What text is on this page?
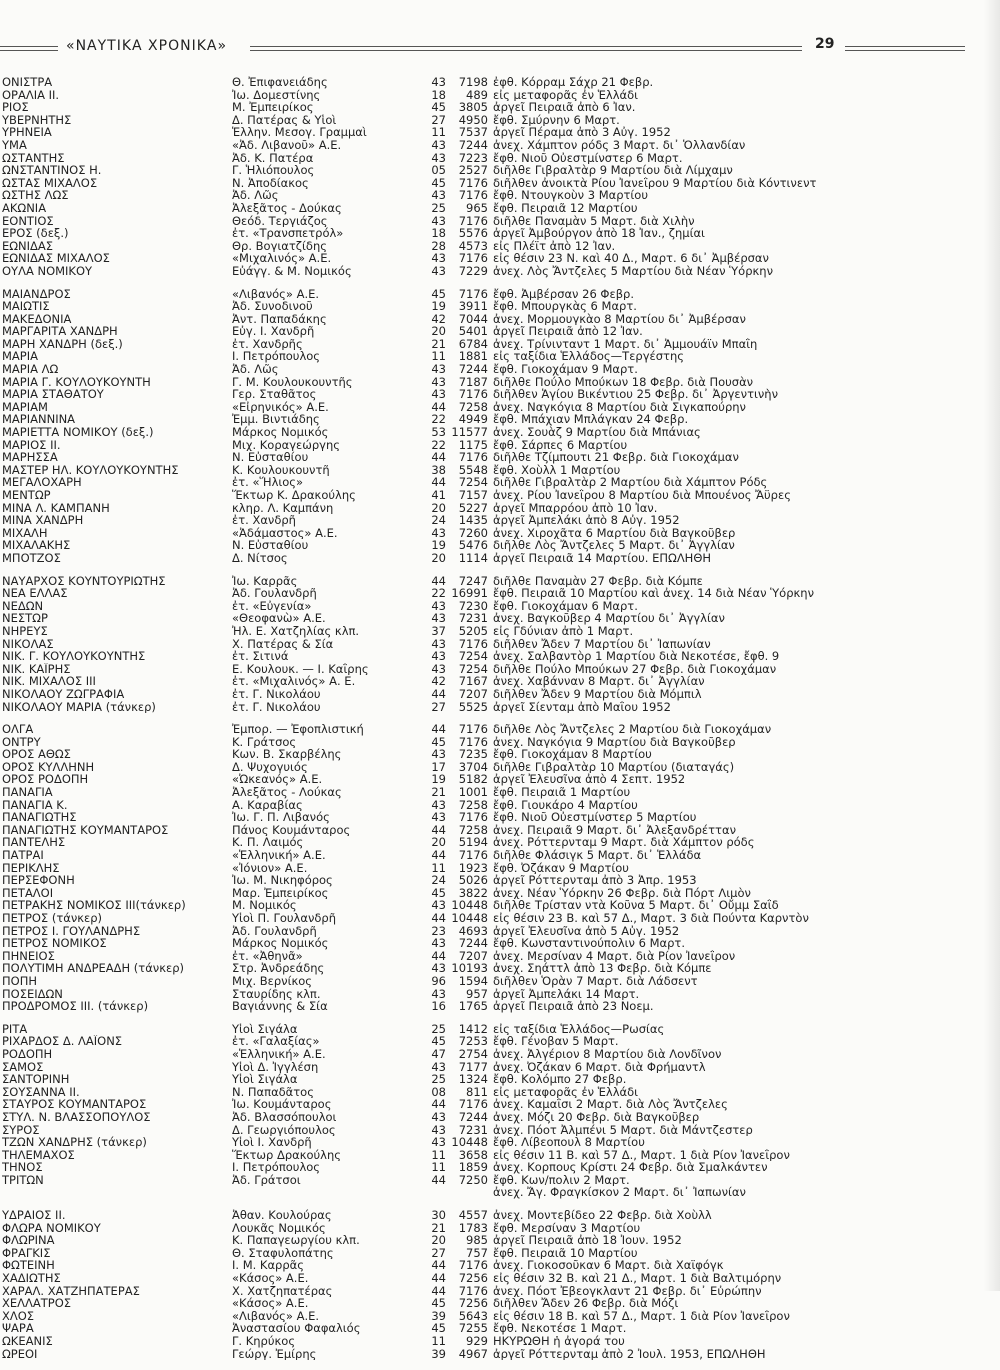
«ΝΑΥΤΙΚΑ ΧΡΟΝΙΚΑ»	29
ΟΝΙΣΤΡΑ	Θ. Ἐπιφανειάδης	43	7198 ἐφθ. Κόρραμ Σάχρ 21 Φεβρ.
ΟΡΑΛΙΑ ΙΙ.	Ἰω. Δομεστίνης	18	489 εἰς μεταφορᾶς ἐν Ἑλλάδι
ΡΙΟΣ	Μ. Ἐμπειρίκος	45	3805 ἀργεῖ Πειραιᾶ ἀπὸ 6 Ἰαν.
ΥΒΕΡΝΗΤΗΣ	Δ. Πατέρας & Υἱοὶ	27	4950 ἔφθ. Σμύρνην 6 Μαρτ.
ΥΡΗΝΕΙΑ	Ἑλλην. Μεσογ. Γραμμαὶ	11	7537 ἀργεῖ Πέραμα ἀπὸ 3 Αὐγ. 1952
ΥΜΑ	«Ἀδ. Λιβανοῦ» Α.Ε.	43	7244 ἀνεχ. Χάμπτον ρόδς 3 Μαρτ. δι᾽ Ὁλλανδίαν
ΩΣΤΑΝΤΗΣ	Ἀδ. Κ. Πατέρα	43	7223 ἔφθ. Νιοῦ Οὐεστμίνστερ 6 Μαρτ.
ΩΝΣΤΑΝΤΙΝΟΣ Η.	Γ. Ἡλιόπουλος	05	2527 διῆλθε Γιβραλτὰρ 9 Μαρτίου διὰ Λίμχαμν
ΩΣΤΑΣ ΜΙΧΑΛΟΣ	Ν. Ἀποδίακος	45	7176 διῆλθεν ἀνοικτὰ Ρίου Ἰανεΐρου 9 Μαρτίου διὰ Κόντινεντ
ΩΣΤΗΣ ΛΩΣ	Ἀδ. Λῶς	43	7176 ἔφθ. Ντουγκοὺν 3 Μαρτίου
ΑΚΩΝΙΑ	Ἀλεξᾶτος - Δούκας	25	965 ἔφθ. Πειραιᾶ 12 Μαρτίου
ΕΟΝΤΙΟΣ	Θεόδ. Τεργιάζος	43	7176 διῆλθε Παναμὰν 5 Μαρτ. διὰ Χιλὴν
ΕΡΟΣ (δεξ.)	ἐτ. «Τρανσπετρόλ»	18	5576 ἀργεῖ Ἀμβούργον ἀπὸ 18 Ἰαν., ζημίαι
ΕΩΝΙΔΑΣ	Θρ. Βογιατζίδης	28	4573 εἰς Πλέϊτ ἀπὸ 12 Ἰαν.
ΕΩΝΙΔΑΣ ΜΙΧΑΛΟΣ	«Μιχαλινός» Α.Ε.	43	7176 εἰς θέσιν 23 Ν. καὶ 40 Δ., Μαρτ. 6 δι᾽ Ἀμβέρσαν
ΟΥΛΑ ΝΟΜΙΚΟΥ	Εὐάγγ. & Μ. Νομικός	43	7229 ἀνεχ. Λὸς Ἄντζελες 5 Μαρτίου διὰ Νέαν Ὑόρκην
ΜΑΙΑΝΔΡΟΣ	«Λιβανός» Α.Ε.	45	7176 ἔφθ. Ἀμβέρσαν 26 Φεβρ.
ΜΑΙΩΤΙΣ	Ἀδ. Συνοδινοῦ	19	3911 ἔφθ. Μπουργκὰς 6 Μαρτ.
ΜΑΚΕΔΟΝΙΑ	Ἀντ. Παπαδάκης	42	7044 ἀνεχ. Μορμουγκὰο 8 Μαρτίου δι᾽ Ἀμβέρσαν
ΜΑΡΓΑΡΙΤΑ ΧΑΝΔΡΗ	Εὐγ. Ι. Χανδρῆ	20	5401 ἀργεῖ Πειραιᾶ ἀπὸ 12 Ἰαν.
ΜΑΡΗ ΧΑΝΔΡΗ (δεξ.)	ἐτ. Χανδρῆς	21	6784 ἀνεχ. Τρίνινταντ 1 Μαρτ. δι᾽ Ἀμμουάϊν Μπαΐη
ΜΑΡΙΑ	Ι. Πετρόπουλος	11	1881 εἰς ταξίδια Ἑλλάδος—Τεργέστης
ΜΑΡΙΑ ΛΩ	Ἀδ. Λῶς	43	7244 ἔφθ. Γιοκοχάμαν 9 Μαρτ.
ΜΑΡΙΑ Γ. ΚΟΥΛΟΥΚΟΥΝΤΗ	Γ. Μ. Κουλουκουντῆς	43	7187 διῆλθε Πούλο Μπούκων 18 Φεβρ. διὰ Πουσὰν
ΜΑΡΙΑ ΣΤΑΘΑΤΟΥ	Γερ. Σταθᾶτος	43	7176 διῆλθεν Ἁγίου Βικέντιου 25 Φεβρ. δι᾽ Ἀργεντινὴν
ΜΑΡΙΑΜ	«Εἰρηνικός» Α.Ε.	44	7258 ἀνεχ. Ναγκόγια 8 Μαρτίου διὰ Σιγκαπούρην
ΜΑΡΙΑΝΝΙΝΑ	Ἐμμ. Βιντιάδης	22	4949 ἔφθ. Μπάχιαν Μπλάγκαν 24 Φεβρ.
ΜΑΡΙΕΤΤΑ ΝΟΜΙΚΟΥ (δεξ.)	Μάρκος Νομικός	53 11577 ἀνεχ. Σουὰζ 9 Μαρτίου διὰ Μπάνιας
ΜΑΡΙΟΣ ΙΙ.	Μιχ. Κοραγεώργης	22	1175 ἔφθ. Σάρπες 6 Μαρτίου
ΜΑΡΗΣΣΑ	Ν. Εὐσταθίου	44	7176 διῆλθε Τζίμπουτι 21 Φεβρ. διὰ Γιοκοχάμαν
ΜΑΣΤΕΡ ΗΛ. ΚΟΥΛΟΥΚΟΥΝΤΗΣ	Κ. Κουλουκουντῆ	38	5548 ἔφθ. Χοὺλλ 1 Μαρτίου
ΜΕΓΑΛΟΧΑΡΗ	ἐτ. «Ἥλιος»	44	7254 διῆλθε Γιβραλτὰρ 2 Μαρτίου διὰ Χάμπτον Ρόδς
ΜΕΝΤΩΡ	Ἕκτωρ Κ. Δρακούλης	41	7157 ἀνεχ. Ρίου Ἰανεΐρου 8 Μαρτίου διὰ Μπουένος Ἄϋρες
ΜΙΝΑ Λ. ΚΑΜΠΑΝΗ	κληρ. Λ. Καμπάνη	20	5227 ἀργεῖ Μπαρρόου ἀπὸ 10 Ἰαν.
ΜΙΝΑ ΧΑΝΔΡΗ	ἐτ. Χανδρῆ	24	1435 ἀργεῖ Ἀμπελάκι ἀπὸ 8 Αὐγ. 1952
ΜΙΧΑΛΗ	«Ἀδάμαστος» Α.Ε.	43	7260 ἀνεχ. Χιροχᾶτα 6 Μαρτίου διὰ Βαγκοῦβερ
ΜΙΧΑΛΑΚΗΣ	Ν. Εὐσταθίου	19	5476 διῆλθε Λὸς Ἄντζελες 5 Μαρτ. δι᾽ Ἀγγλίαν
ΜΠΟΤΖΟΣ	Δ. Νίτσος	20	1114 ἀργεῖ Πειραιᾶ 14 Μαρτίου. ΕΠΩΛΗΘΗ
ΝΑΥΑΡΧΟΣ ΚΟΥΝΤΟΥΡΙΩΤΗΣ	Ἰω. Καρρᾶς	44	7247 διῆλθε Παναμὰν 27 Φεβρ. διὰ Κόμπε
ΝΕΑ ΕΛΛΑΣ	Ἀδ. Γουλανδρῆ	22 16991 ἔφθ. Πειραιᾶ 10 Μαρτίου καὶ ἀνεχ. 14 διὰ Νέαν Ὑόρκην
ΝΕΔΩΝ	ἐτ. «Εὐγενία»	43	7230 ἔφθ. Γιοκοχάμαν 6 Μαρτ.
ΝΕΣΤΩΡ	«Θεοφανὼ» Α.Ε.	43	7231 ἀνεχ. Βαγκοῦβερ 4 Μαρτίου δι᾽ Ἀγγλίαν
ΝΗΡΕΥΣ	Ἠλ. Ε. Χατζηλίας κλπ.	37	5205 εἰς Γδύνιαν ἀπὸ 1 Μαρτ.
ΝΙΚΟΛΑΣ	Χ. Πατέρας & Σία	43	7176 διῆλθεν Ἄδεν 7 Μαρτίου δι᾽ Ἰαπωνίαν
ΝΙΚ. Γ. ΚΟΥΛΟΥΚΟΥΝΤΗΣ	ἐτ. Σιτινά	43	7254 ἀνεχ. Σαλβαντὸρ 1 Μαρτίου διὰ Νεκοτέσε, ἔφθ. 9
ΝΙΚ. ΚΑΪΡΗΣ	Ε. Κουλουκ. — Ι. Καΐρης	43	7254 διῆλθε Πούλο Μπούκων 27 Φεβρ. διὰ Γιοκοχάμαν
ΝΙΚ. ΜΙΧΑΛΟΣ ΙΙΙ	ἐτ. «Μιχαλινός» Α. Ε.	42	7167 ἀνεχ. Χαβάνναν 8 Μαρτ. δι᾽ Ἀγγλίαν
ΝΙΚΟΛΑΟΥ ΖΩΓΡΑΦΙΑ	ἐτ. Γ. Νικολάου	44	7207 διῆλθεν Ἄδεν 9 Μαρτίου διὰ Μόμπιλ
ΝΙΚΟΛΑΟΥ ΜΑΡΙΑ (τάνκερ)	ἐτ. Γ. Νικολάου	27	5525 ἀργεῖ Σίενταμ ἀπὸ Μαΐου 1952
ΟΛΓΑ	Ἐμπορ. — Ἐφοπλιστική	44	7176 διῆλθε Λὸς Ἄντζελες 2 Μαρτίου διὰ Γιοκοχάμαν
ΟΝΤΡΥ	Κ. Γράτσος	45	7176 ἀνεχ. Ναγκόγια 9 Μαρτίου διὰ Βαγκοῦβερ
ΟΡΟΣ ΑΘΩΣ	Κων. Β. Σκαρβέλης	43	7235 ἔφθ. Γιοκοχάμαν 8 Μαρτίου
ΟΡΟΣ ΚΥΛΛΗΝΗ	Δ. Ψυχογυιός	17	3704 διῆλθε Γιβραλτὰρ 10 Μαρτίου (διαταγάς)
ΟΡΟΣ ΡΟΔΟΠΗ	«Ὠκεανός» Α.Ε.	19	5182 ἀργεῖ Ἐλευσῖνα ἀπὸ 4 Σεπτ. 1952
ΠΑΝΑΓΙΑ	Ἀλεξᾶτος - Λούκας	21	1001 ἔφθ. Πειραιᾶ 1 Μαρτίου
ΠΑΝΑΓΙΑ Κ.	Α. Καραβίας	43	7258 ἔφθ. Γιουκάρο 4 Μαρτίου
ΠΑΝΑΓΙΩΤΗΣ	Ἰω. Γ. Π. Λιβανός	43	7176 ἔφθ. Νιοῦ Οὐεστμίνστερ 5 Μαρτίου
ΠΑΝΑΓΙΩΤΗΣ ΚΟΥΜΑΝΤΑΡΟΣ	Πάνος Κουμάνταρος	44	7258 ἀνεχ. Πειραιᾶ 9 Μαρτ. δι᾽ Ἀλεξανδρέτταν
ΠΑΝΤΕΛΗΣ	Κ. Π. Λαιμός	20	5194 ἀνεχ. Ρόττερνταμ 9 Μαρτ. διὰ Χάμπτον ρόδς
ΠΑΤΡΑΙ	«Ἑλληνική» Α.Ε.	44	7176 διῆλθε Φλάσιγκ 5 Μαρτ. δι᾽ Ἑλλάδα
ΠΕΡΙΚΛΗΣ	«Ἰόνιον» Α.Ε.	11	1923 ἔφθ. Ὀζάκαν 9 Μαρτίου
ΠΕΡΣΕΦΟΝΗ	Ἰω. Μ. Νικηφόρος	24	5026 ἀργεῖ Ρόττερνταμ ἀπὸ 3 Ἀπρ. 1953
ΠΕΤΑΛΟΙ	Μαρ. Ἐμπειρίκος	45	3822 ἀνεχ. Νέαν Ὑόρκην 26 Φεβρ. διὰ Πόρτ Λιμὸν
ΠΕΤΡΑΚΗΣ ΝΟΜΙΚΟΣ ΙΙΙ(τάνκερ)	Μ. Νομικός	43 10448 διῆλθε Τρίσταν ντὰ Κοῦνα 5 Μαρτ. δι᾽ Οὔμμ Σαΐδ
ΠΕΤΡΟΣ (τάνκερ)	Υἱοὶ Π. Γουλανδρῆ	44 10448 εἰς θέσιν 23 Β. καὶ 57 Δ., Μαρτ. 3 διὰ Πούντα Καρντὸν
ΠΕΤΡΟΣ Ι. ΓΟΥΛΑΝΔΡΗΣ	Ἀδ. Γουλανδρῆ	23	4693 ἀργεῖ Ἐλευσῖνα ἀπὸ 5 Αὐγ. 1952
ΠΕΤΡΟΣ ΝΟΜΙΚΟΣ	Μάρκος Νομικός	43	7244 ἔφθ. Κωνσταντινούπολιν 6 Μαρτ.
ΠΗΝΕΙΟΣ	ἐτ. «Ἀθηνᾶ»	44	7207 ἀνεχ. Μερσίναν 4 Μαρτ. διὰ Ρίον Ἰανεΐρον
ΠΟΛΥΤΙΜΗ ΑΝΔΡΕΑΔΗ (τάνκερ)	Στρ. Ἀνδρεάδης	43 10193 ἀνεχ. Σηάττλ ἀπὸ 13 Φεβρ. διὰ Κόμπε
ΠΟΠΗ	Μιχ. Βερνίκος	96	1594 διῆλθεν Ὁρὰν 7 Μαρτ. διὰ Λάδσεντ
ΠΟΣΕΙΔΩΝ	Σταυρίδης κλπ.	43	957 ἀργεῖ Ἀμπελάκι 14 Μαρτ.
ΠΡΟΔΡΟΜΟΣ ΙΙΙ. (τάνκερ)	Βαγιάννης & Σία	16	1765 ἀργεῖ Πειραιᾶ ἀπὸ 23 Νοεμ.
ΡΙΤΑ	Υἱοὶ Σιγάλα	25	1412 εἰς ταξίδια Ἑλλάδος—Ρωσίας
ΡΙΧΑΡΔΟΣ Δ. ΛΑΪΟΝΣ	ἐτ. «Γαλαξίας»	45	7253 ἔφθ. Γένοβαν 5 Μαρτ.
ΡΟΔΟΠΗ	«Ἑλληνική» Α.Ε.	47	2754 ἀνεχ. Ἀλγέριον 8 Μαρτίου διὰ Λονδῖνον
ΣΑΜΟΣ	Υἱοὶ Δ. Ἰγγλέση	43	7177 ἀνεχ. Ὀζάκαν 6 Μαρτ. διὰ Φρήμαντλ
ΣΑΝΤΟΡΙΝΗ	Υἱοὶ Σιγάλα	25	1324 ἔφθ. Κολόμπο 27 Φεβρ.
ΣΟΥΣΑΝΝΑ ΙΙ.	Ν. Παπαδᾶτος	08	811 εἰς μεταφορᾶς ἐν Ἑλλάδι
ΣΤΑΥΡΟΣ ΚΟΥΜΑΝΤΑΡΟΣ	Ἰω. Κουμάνταρος	44	7176 ἀνεχ. Καμαΐσι 2 Μαρτ. διὰ Λὸς Ἄντζελες
ΣΤΥΛ. Ν. ΒΛΑΣΣΟΠΟΥΛΟΣ	Ἀδ. Βλασσόπουλοι	43	7244 ἀνεχ. Μόζι 20 Φεβρ. διὰ Βαγκοῦβερ
ΣΥΡΟΣ	Δ. Γεωργιόπουλος	43	7231 ἀνεχ. Πόοτ Ἀλμπένι 5 Μαρτ. διὰ Μάντζεστερ
ΤΖΩΝ ΧΑΝΔΡΗΣ (τάνκερ)	Υἱοὶ Ι. Χανδρῆ	43 10448 ἔφθ. Λίβεοπουλ 8 Μαρτίου
ΤΗΛΕΜΑΧΟΣ	Ἕκτωρ Δρακούλης	11	3658 εἰς θέσιν 11 Β. καὶ 57 Δ., Μαρτ. 1 διὰ Ρίον Ἰανεΐρον
ΤΗΝΟΣ	Ι. Πετρόπουλος	11	1859 ἀνεχ. Κορπους Κρίστι 24 Φεβρ. διὰ Σμαλκάντεν
ΤΡΙΤΩΝ	Ἀδ. Γράτσοι	44	7250 ἔφθ. Κων/πολιν 2 Μαρτ.
ἀνεχ. Ἄγ. Φραγκίσκον 2 Μαρτ. δι᾽ Ἰαπωνίαν
ΥΔΡΑΙΟΣ ΙΙ.	Ἀθαν. Κουλούρας	30	4557 ἀνεχ. Μοντεβίδεο 22 Φεβρ. διὰ Χοὺλλ
ΦΛΩΡΑ ΝΟΜΙΚΟΥ	Λουκᾶς Νομικός	21	1783 ἔφθ. Μερσίναν 3 Μαρτίου
ΦΛΩΡΙΝΑ	Κ. Παπαγεωργίου κλπ.	20	985 ἀργεῖ Πειραιᾶ ἀπὸ 18 Ἰουν. 1952
ΦΡΑΓΚΙΣ	Θ. Σταφυλοπάτης	27	757 ἔφθ. Πειραιᾶ 10 Μαρτίου
ΦΩΤΕΙΝΗ	Ι. Μ. Καρρᾶς	44	7176 ἀνεχ. Γιοκοσοῦκαν 6 Μαρτ. διὰ Χαϊφόγκ
ΧΑΔΙΩΤΗΣ	«Κάσος» Α.Ε.	44	7256 εἰς θέσιν 32 Β. καὶ 21 Δ., Μαρτ. 1 διὰ Βαλτιμόρην
ΧΑΡΑΛ. ΧΑΤΖΗΠΑΤΕΡΑΣ	Χ. Χατζηπατέρας	44	7176 ἀνεχ. Πόοτ Ἐβεογκλαντ 21 Φεβρ. δι᾽ Εὐρώπην
ΧΕΛΛΑΤΡΟΣ	«Κάσος» Α.Ε.	45	7256 διῆλθεν Ἄδεν 26 Φεβρ. διὰ Μόζι
ΧΛΟΣ	«Λιβανός» Α.Ε.	39	5643 εἰς θέσιν 18 Β. καὶ 57 Δ., Μαρτ. 1 διὰ Ρίον Ἰανεΐρον
ΨΑΡΑ	Ἀναστασίου Φαφαλιός	45	7255 ἔφθ. Νεκοτέσε 1 Μαρτ.
ΩΚΕΑΝΙΣ	Γ. Κηρύκος	11	929 ΗΚΥΡΩΘΗ ἡ ἀγορά του
ΩΡΕΟΙ	Γεώργ. Ἐμίρης	39	4967 ἀργεῖ Ρόττερνταμ ἀπὸ 2 Ἰουλ. 1953, ΕΠΩΛΗΘΗ
